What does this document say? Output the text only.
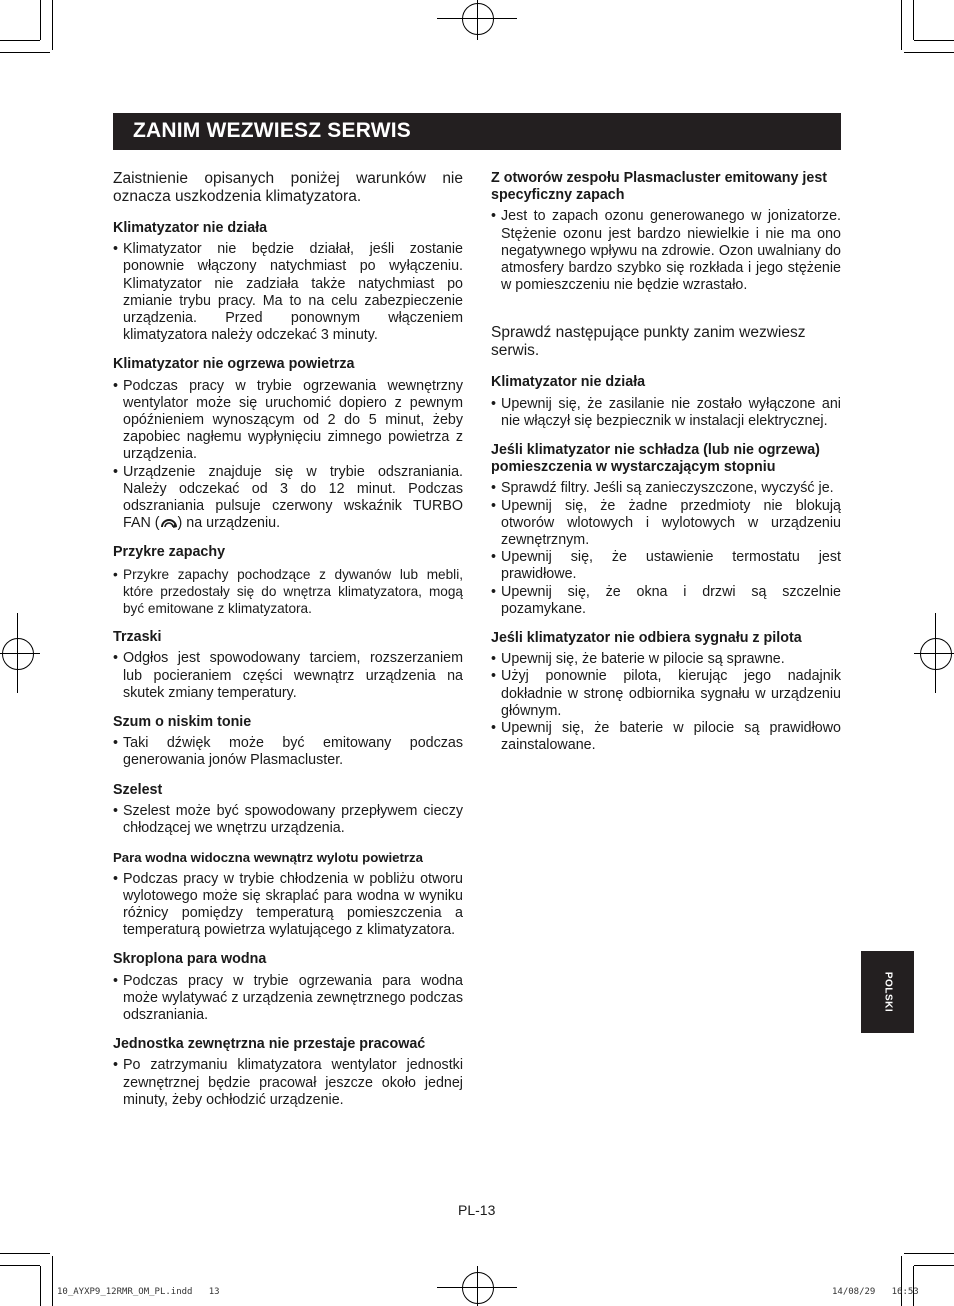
ZANIM WEZWIESZ SERWIS

Zaistnienie opisanych poniżej warunków nie oznacza uszkodzenia klimatyzatora.

Klimatyzator nie działa
• Klimatyzator nie będzie działał, jeśli zostanie ponownie włączony natychmiast po wyłączeniu. Klimatyzator nie zadziała także natychmiast po zmianie trybu pracy. Ma to na celu zabezpieczenie urządzenia. Przed ponownym włączeniem klimatyzatora należy odczekać 3 minuty.
Klimatyzator nie ogrzewa powietrza
• Podczas pracy w trybie ogrzewania wewnętrzny wentylator może się uruchomić dopiero z pewnym opóźnieniem wynoszącym od 2 do 5 minut, żeby zapobiec nagłemu wypłynięciu zimnego powietrza z urządzenia.
• Urządzenie znajduje się w trybie odszraniania. Należy odczekać od 3 do 12 minut. Podczas odszraniania pulsuje czerwony wskaźnik TURBO FAN ( ) na urządzeniu.
Przykre zapachy
• Przykre zapachy pochodzące z dywanów lub mebli, które przedostały się do wnętrza klimatyzatora, mogą być emitowane z klimatyzatora.
Trzaski
• Odgłos jest spowodowany tarciem, rozszerzaniem lub pocieraniem części wewnątrz urządzenia na skutek zmiany temperatury.
Szum o niskim tonie
• Taki dźwięk może być emitowany podczas generowania jonów Plasmacluster.
Szelest
• Szelest może być spowodowany przepływem cieczy chłodzącej we wnętrzu urządzenia.
Para wodna widoczna wewnątrz wylotu powietrza
• Podczas pracy w trybie chłodzenia w pobliżu otworu wylotowego może się skraplać para wodna w wyniku różnicy pomiędzy temperaturą pomieszczenia a temperaturą powietrza wylatującego z klimatyzatora.
Skroplona para wodna
• Podczas pracy w trybie ogrzewania para wodna może wylatywać z urządzenia zewnętrznego podczas odszraniania.
Jednostka zewnętrzna nie przestaje pracować
• Po zatrzymaniu klimatyzatora wentylator jednostki zewnętrznej będzie pracował jeszcze około jednej minuty, żeby ochłodzić urządzenie.
Z otworów zespołu Plasmacluster emitowany jest specyficzny zapach
• Jest to zapach ozonu generowanego w jonizatorze. Stężenie ozonu jest bardzo niewielkie i nie ma ono negatywnego wpływu na zdrowie. Ozon uwalniany do atmosfery bardzo szybko się rozkłada i jego stężenie w pomieszczeniu nie będzie wzrastało.

Sprawdź następujące punkty zanim wezwiesz serwis.

Klimatyzator nie działa
• Upewnij się, że zasilanie nie zostało wyłączone ani nie włączył się bezpiecznik w instalacji elektrycznej.
Jeśli klimatyzator nie schładza (lub nie ogrzewa) pomieszczenia w wystarczającym stopniu
• Sprawdź filtry. Jeśli są zanieczyszczone, wyczyść je.
• Upewnij się, że żadne przedmioty nie blokują otworów wlotowych i wylotowych w urządzeniu zewnętrznym.
• Upewnij się, że ustawienie termostatu jest prawidłowe.
• Upewnij się, że okna i drzwi są szczelnie pozamykane.
Jeśli klimatyzator nie odbiera sygnału z pilota
• Upewnij się, że baterie w pilocie są sprawne.
• Użyj ponownie pilota, kierując jego nadajnik dokładnie w stronę odbiornika sygnału w urządzeniu głównym.
• Upewnij się, że baterie w pilocie są prawidłowo zainstalowane.
POLSKI
PL-13
10_AYXP9_12RMR_OM_PL.indd   13	14/08/29   16:53
